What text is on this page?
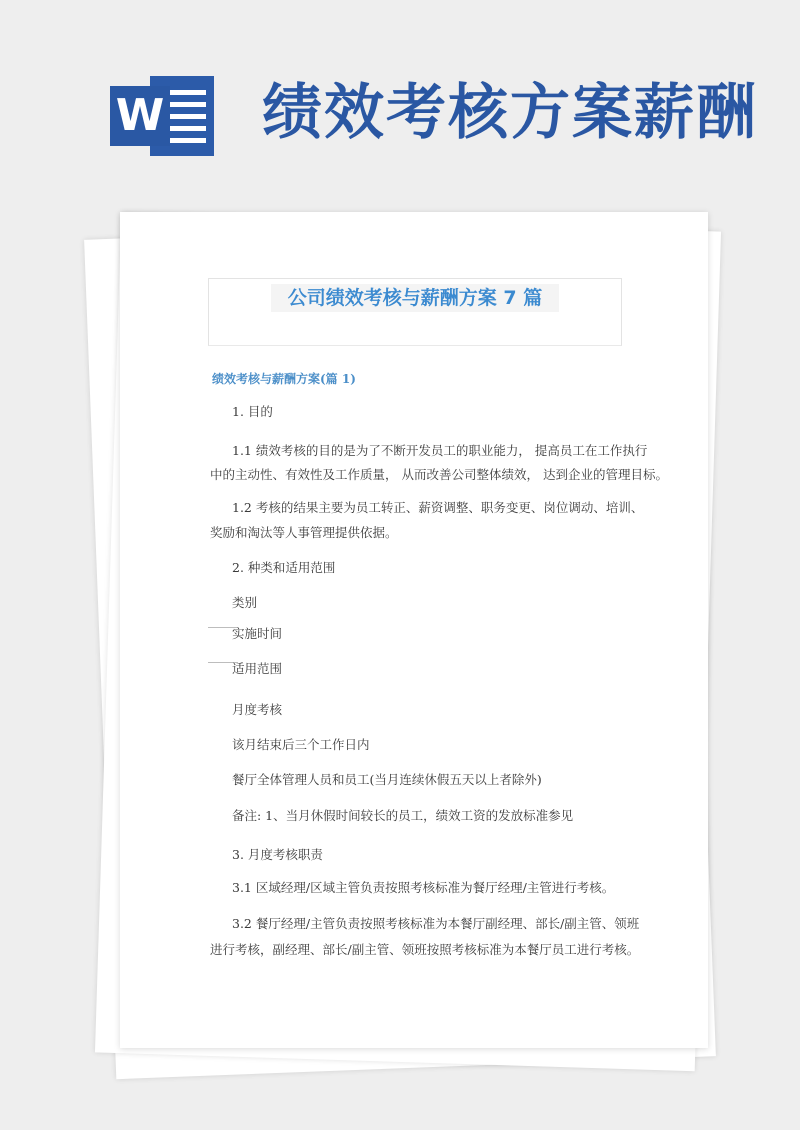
W 绩效考核方案薪酬
公司绩效考核与薪酬方案 7 篇
绩效考核与薪酬方案(篇 1)
1. 目的
1.1 绩效考核的目的是为了不断开发员工的职业能力， 提高员工在工作执行
中的主动性、有效性及工作质量， 从而改善公司整体绩效， 达到企业的管理目标。
1.2 考核的结果主要为员工转正、薪资调整、职务变更、岗位调动、培训、
奖励和淘汰等人事管理提供依据。
2. 种类和适用范围
类别
实施时间
适用范围
月度考核
该月结束后三个工作日内
餐厅全体管理人员和员工(当月连续休假五天以上者除外)
备注: 1、当月休假时间较长的员工，绩效工资的发放标准参见
3. 月度考核职责
3.1 区域经理/区域主管负责按照考核标准为餐厅经理/主管进行考核。
3.2 餐厅经理/主管负责按照考核标准为本餐厅副经理、部长/副主管、领班
进行考核，副经理、部长/副主管、领班按照考核标准为本餐厅员工进行考核。
